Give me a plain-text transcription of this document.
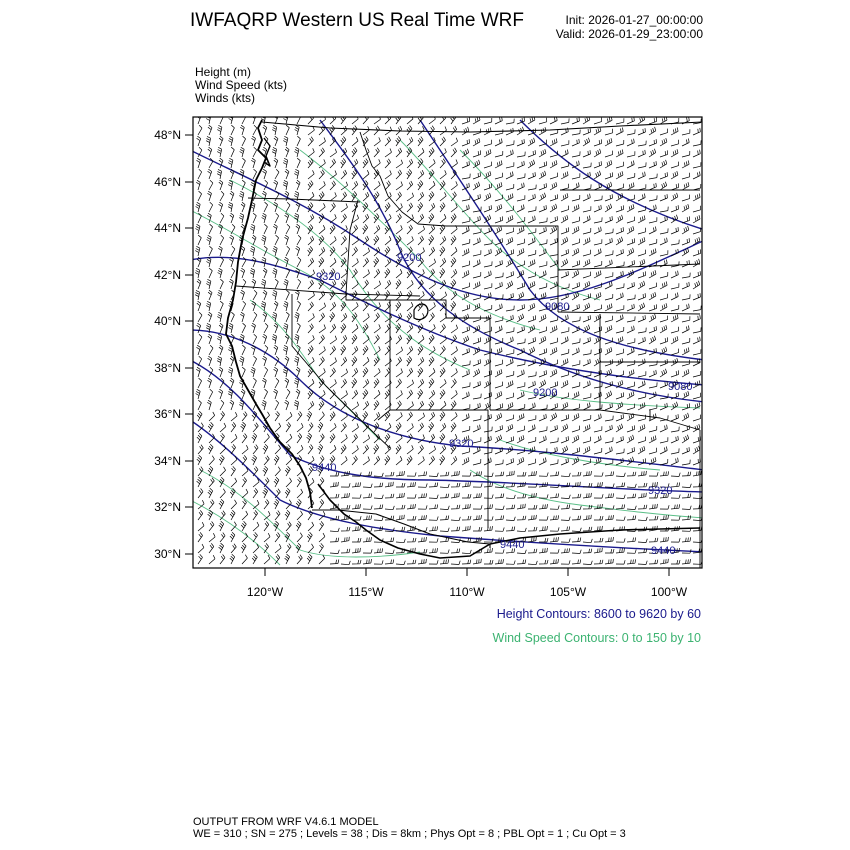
IWFAQRP Western US Real Time WRF	Init: 2026-01-27_00:00:00
Valid: 2026-01-29_23:00:00
Height (m)
Wind Speed (kts)
Winds (kts)
48°N
46°N
44°N
42°N
40°N
38°N
36°N
34°N
32°N
30°N
120°W	115°W	110°W	105°W	100°W
9320
9200
9080
9200	9080
9320
9440
9440
9320
9440
Height Contours: 8600 to 9620 by 60
Wind Speed Contours: 0 to 150 by 10
OUTPUT FROM WRF V4.6.1 MODEL
WE = 310 ; SN = 275 ; Levels = 38 ; Dis = 8km ; Phys Opt = 8 ; PBL Opt = 1 ; Cu Opt = 3
